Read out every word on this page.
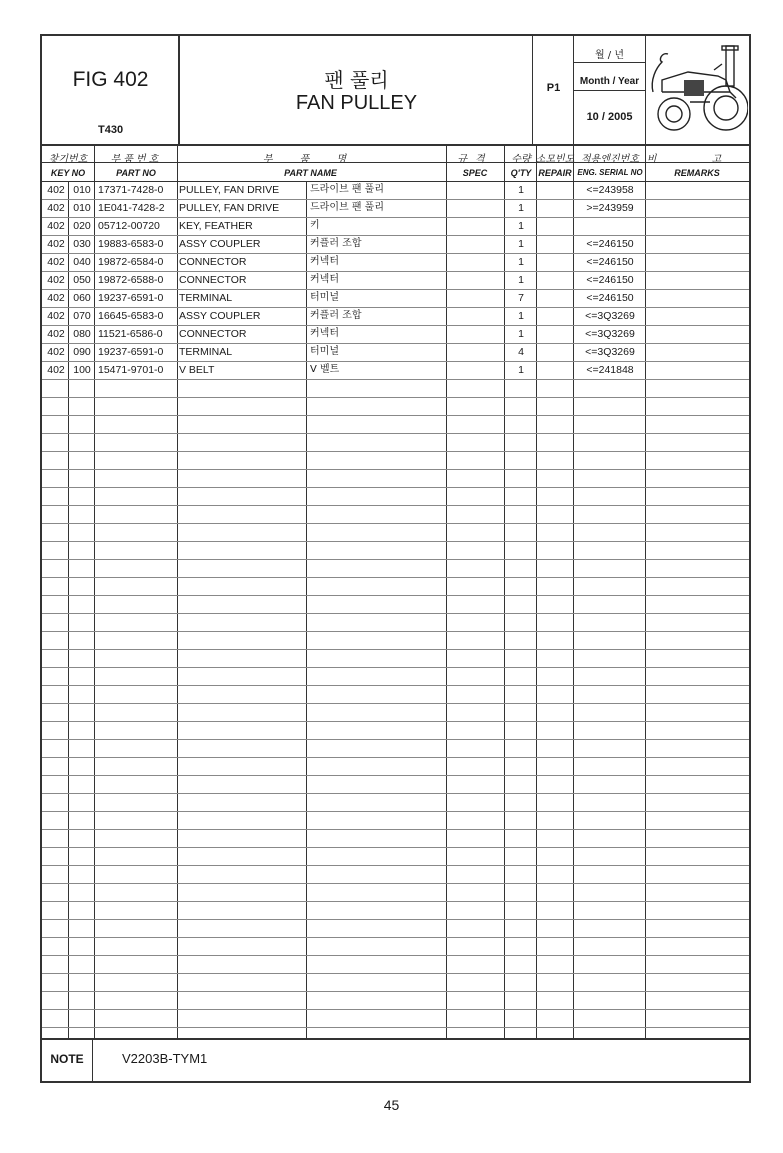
FIG 402
T430
팬 풀리
FAN PULLEY
P1
월 / 년
Month / Year
10 / 2005
찾기번호
KEY NO
부품번호
PART NO
부 품 명
PART NAME
규격
SPEC
수량
Q'TY
소모빈도
REPAIR
적용엔진번호
ENG. SERIAL NO
비 고
REMARKS
402 010 17371-7428-0 PULLEY, FAN DRIVE	드라이브 팬 풀리	1	<=243958
402 010 1E041-7428-2 PULLEY, FAN DRIVE	드라이브 팬 풀리	1	>=243959
402 020 05712-00720 KEY, FEATHER	키	1
402 030 19883-6583-0 ASSY COUPLER	커플러 조합	1	<=246150
402 040 19872-6584-0 CONNECTOR	커넥터	1	<=246150
402 050 19872-6588-0 CONNECTOR	커넥터	1	<=246150
402 060 19237-6591-0 TERMINAL	터미널	7	<=246150
402 070 16645-6583-0 ASSY COUPLER	커플러 조합	1	<=3Q3269
402 080 11521-6586-0 CONNECTOR	커넥터	1	<=3Q3269
402 090 19237-6591-0 TERMINAL	터미널	4	<=3Q3269
402 100 15471-9701-0 V BELT	V 벨트	1	<=241848
NOTE	V2203B-TYM1
45
